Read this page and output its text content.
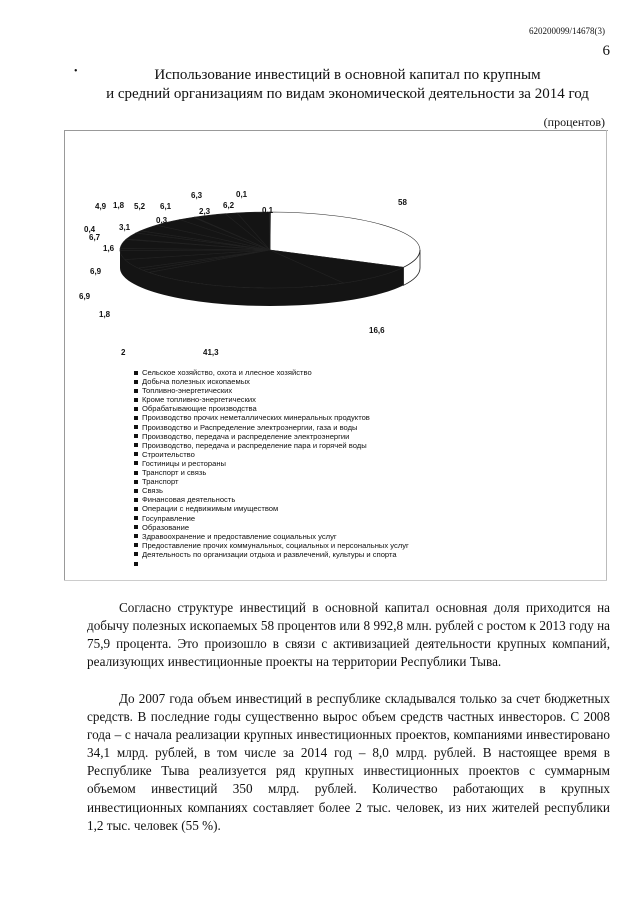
620200099/14678(3)
6
•	Использование инвестиций в основной капитал по крупным
и средний организациям по видам экономической деятельности за 2014 год
(процентов)
58
0,1
6,2
0,1
6,3
2,3
0,3
6,1
5,2
1,8
4,9
3,1
0,4
6,7
1,6
6,9
6,9
1,8
2	41,3
16,6
Сельское хозяйство, охота и ллесное хозяйство
Добыча полезных ископаемых
Топливно-энергетических
Кроме топливно-энергетических
Обрабатывающие производства
Производство прочих неметаллических минеральных продуктов
Производство и Распределение электроэнергии, газа и воды
Производство, передача и распределение электроэнергии
Производство, передача и распределение пара и горячей воды
Строительство
Гостиницы и рестораны
Транспорт и связь
Транспорт
Связь
Финансовая деятельность
Операции с недвижимым имуществом
Госуправление
Образование
Здравоохранение и предоставление социальных услуг
Предоставление прочих коммунальных, социальных и персональных услуг
Деятельность по организации отдыха и развлечений, культуры и спорта
Согласно структуре инвестиций в основной капитал основная доля приходится на добычу полезных ископаемых 58 процентов или 8 992,8 млн. рублей с ростом к 2013 году на 75,9 процента. Это произошло в связи с активизацией деятельности крупных компаний, реализующих инвестиционные проекты на территории Республики Тыва.
До 2007 года объем инвестиций в республике складывался только за счет бюджетных средств. В последние годы существенно вырос объем средств частных инвесторов. С 2008 года – с начала реализации крупных инвестиционных проектов, компаниями инвестировано 34,1 млрд. рублей, в том числе за 2014 год – 8,0 млрд. рублей. В настоящее время в Республике Тыва реализуется ряд крупных инвестиционных проектов с суммарным объемом инвестиций 350 млрд. рублей. Количество работающих в крупных инвестиционных компаниях составляет более 2 тыс. человек, из них жителей республики 1,2 тыс. человек (55 %).
